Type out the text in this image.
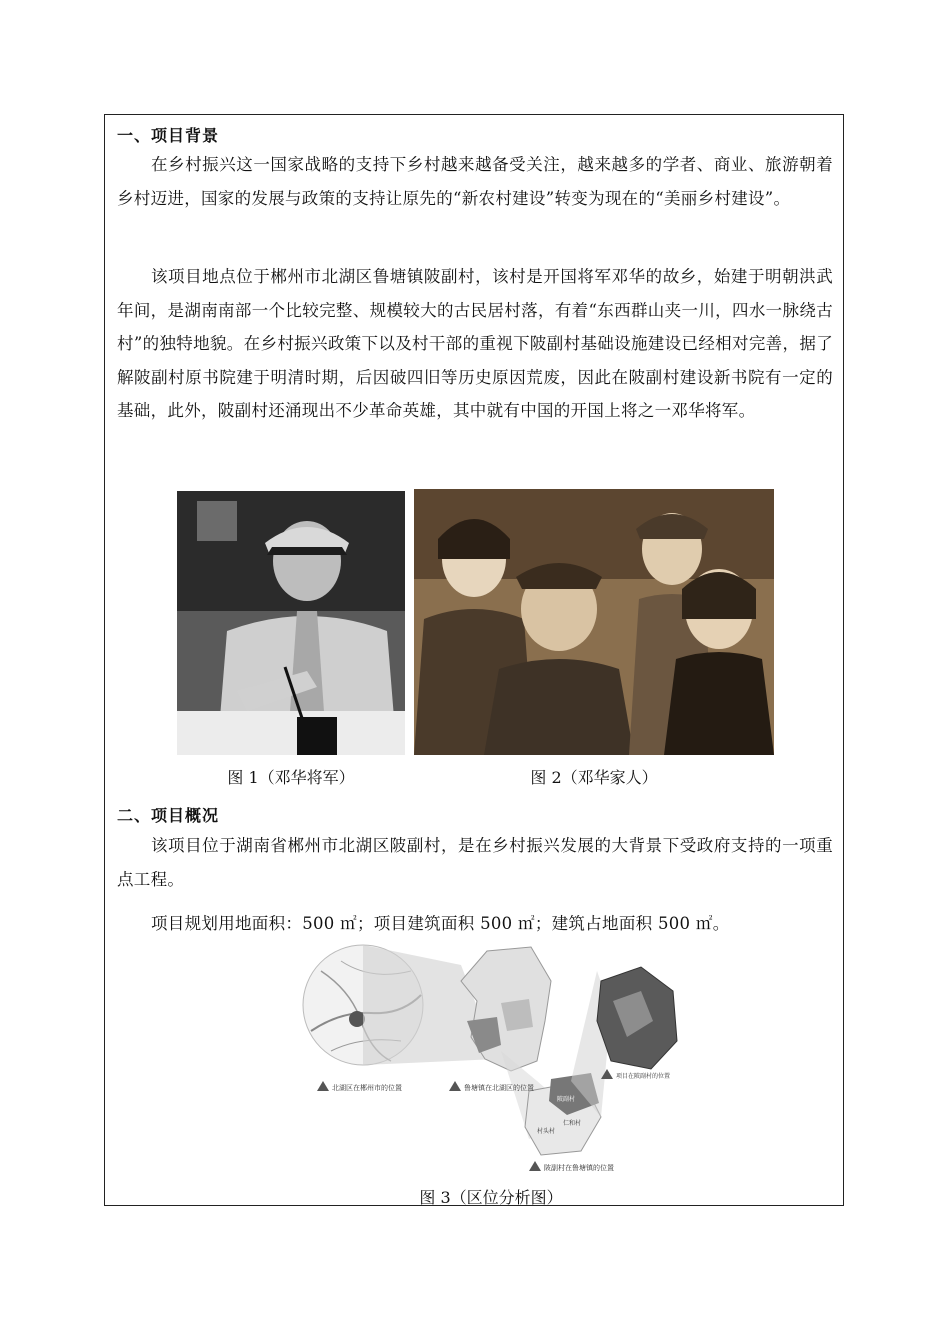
一、项目背景
在乡村振兴这一国家战略的支持下乡村越来越备受关注，越来越多的学者、商业、旅游朝着乡村迈进，国家的发展与政策的支持让原先的“新农村建设”转变为现在的“美丽乡村建设”。
该项目地点位于郴州市北湖区鲁塘镇陂副村，该村是开国将军邓华的故乡，始建于明朝洪武年间，是湖南南部一个比较完整、规模较大的古民居村落，有着“东西群山夹一川，四水一脉绕古村”的独特地貌。在乡村振兴政策下以及村干部的重视下陂副村基础设施建设已经相对完善，据了解陂副村原书院建于明清时期，后因破四旧等历史原因荒废，因此在陂副村建设新书院有一定的基础，此外，陂副村还涌现出不少革命英雄，其中就有中国的开国上将之一邓华将军。
图 1（邓华将军）	图 2（邓华家人）
二、项目概况
该项目位于湖南省郴州市北湖区陂副村，是在乡村振兴发展的大背景下受政府支持的一项重点工程。
项目规划用地面积：500 ㎡；项目建筑面积 500 ㎡；建筑占地面积 500 ㎡。
北湖区在郴州市的位置	鲁塘镇在北湖区的位置
项目在陂副村的位置
陂副村在鲁塘镇的位置
村头村
仁和村
陂副村
图 3（区位分析图）
